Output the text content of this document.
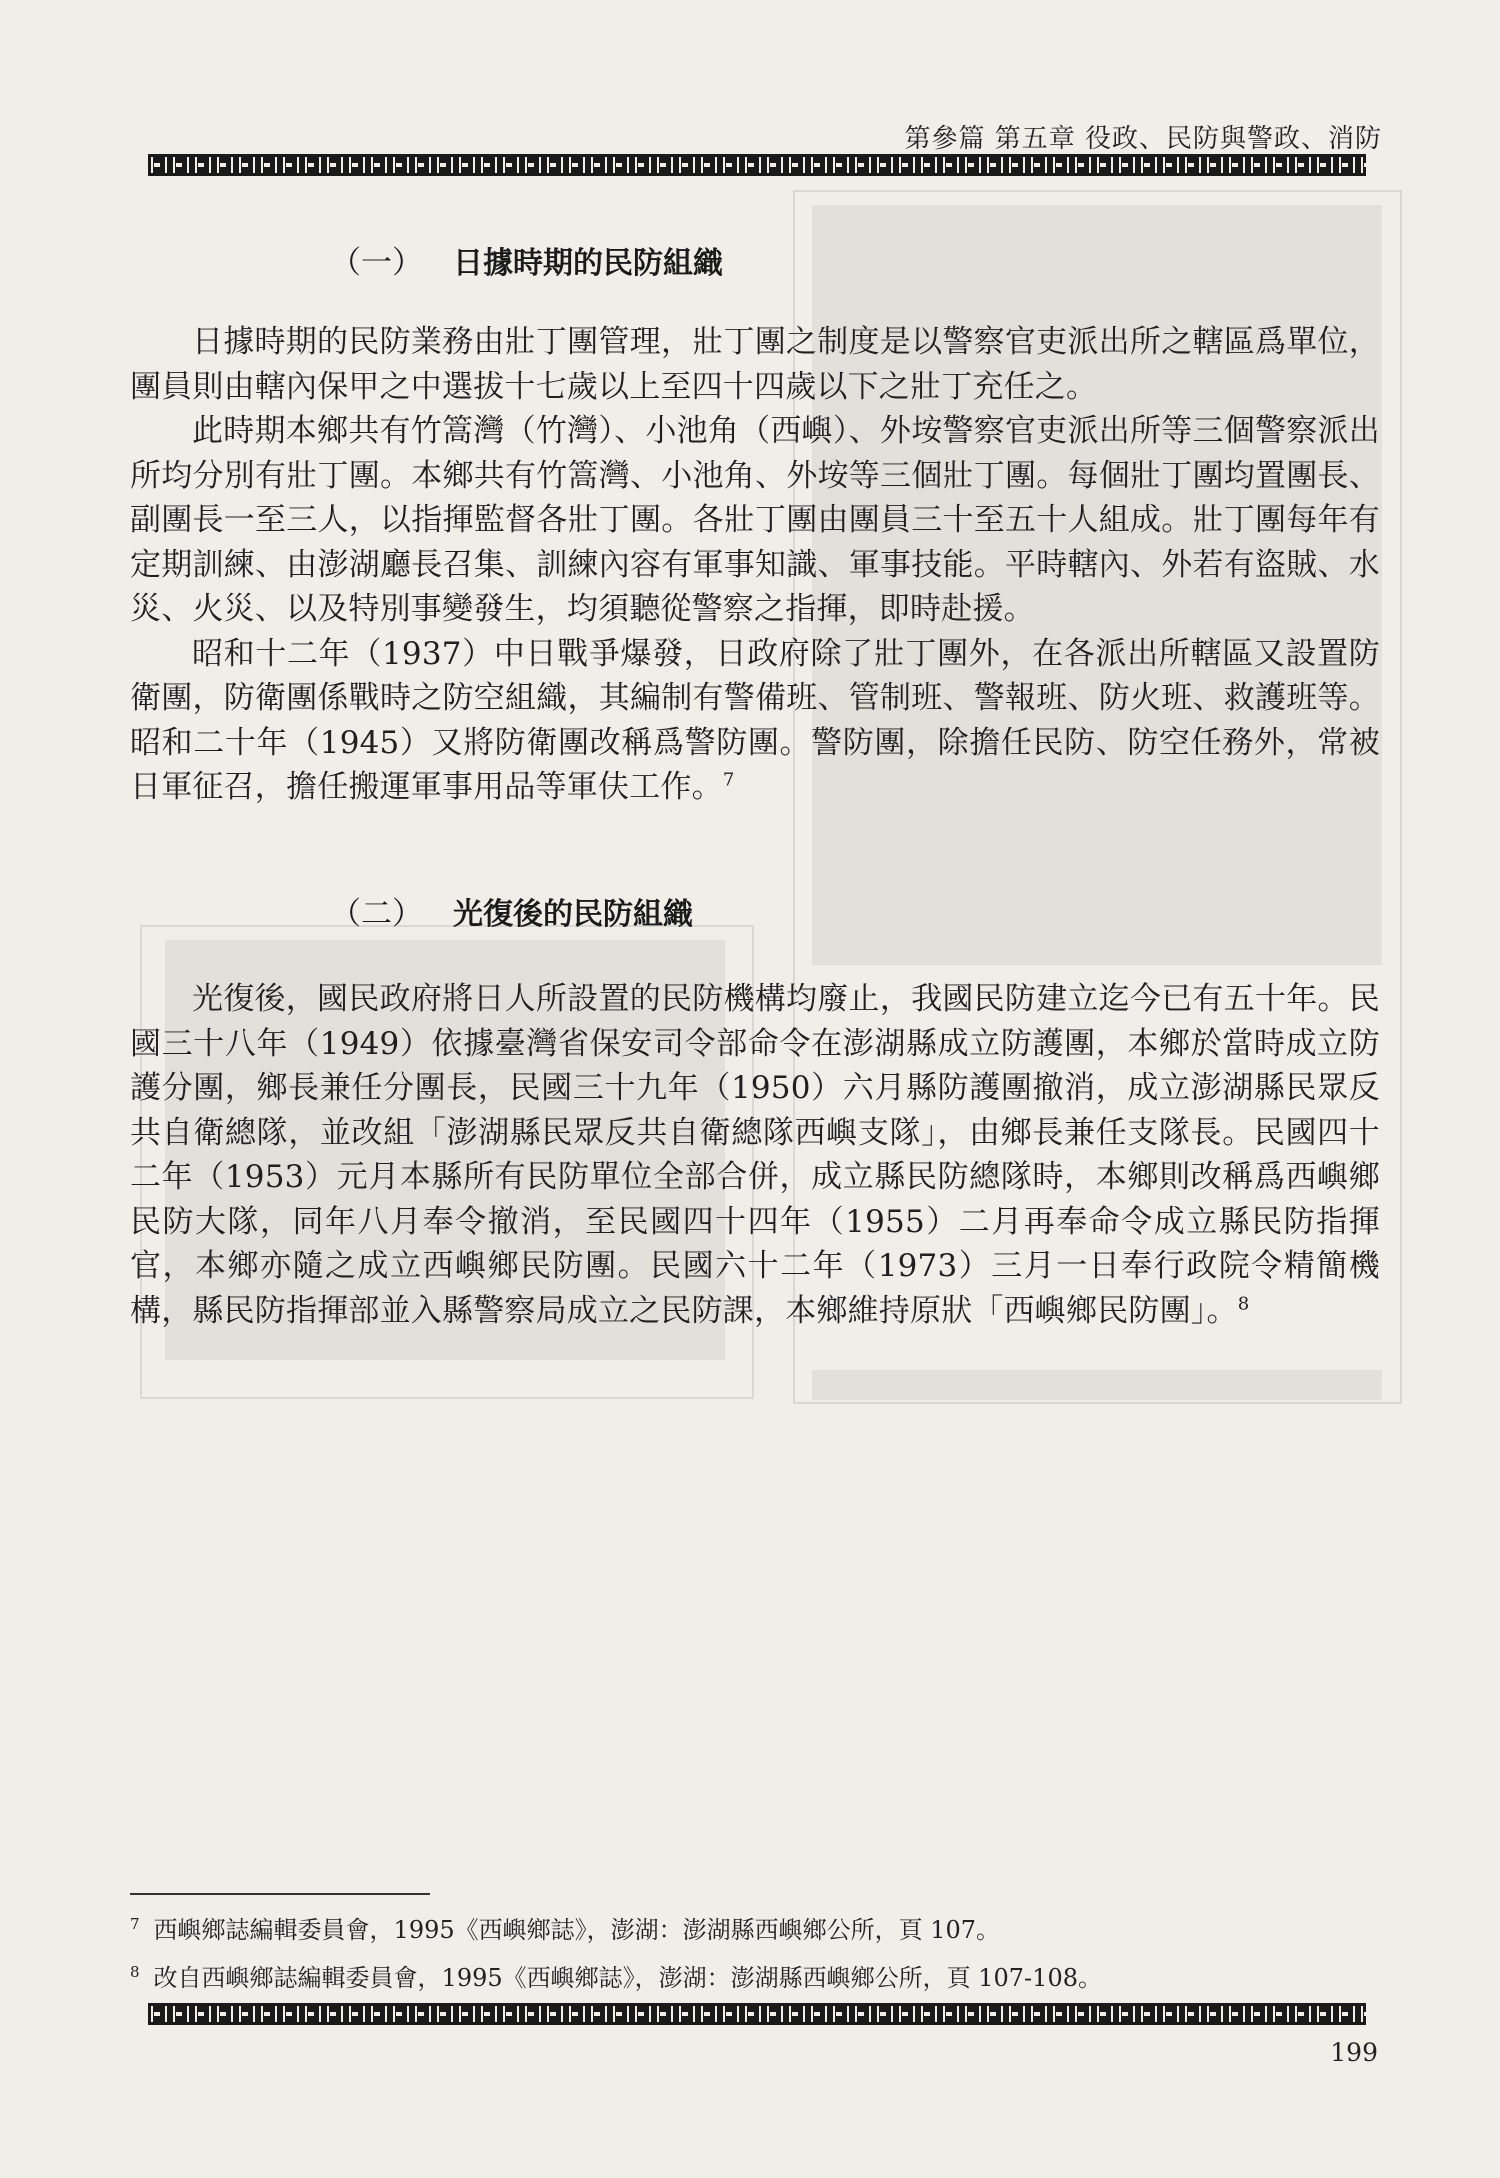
第參篇 第五章 役政、民防與警政、消防
（一） 日據時期的民防組織

日據時期的民防業務由壯丁團管理，壯丁團之制度是以警察官吏派出所之轄區爲單位，團員則由轄內保甲之中選拔十七歲以上至四十四歲以下之壯丁充任之。

此時期本鄉共有竹篙灣（竹灣）、小池角（西嶼）、外垵警察官吏派出所等三個警察派出所均分別有壯丁團。本鄉共有竹篙灣、小池角、外垵等三個壯丁團。每個壯丁團均置團長、副團長一至三人，以指揮監督各壯丁團。各壯丁團由團員三十至五十人組成。壯丁團每年有定期訓練、由澎湖廳長召集、訓練內容有軍事知識、軍事技能。平時轄內、外若有盜賊、水災、火災、以及特別事變發生，均須聽從警察之指揮，即時赴援。

昭和十二年（1937）中日戰爭爆發，日政府除了壯丁團外，在各派出所轄區又設置防衛團，防衛團係戰時之防空組織，其編制有警備班、管制班、警報班、防火班、救護班等。昭和二十年（1945）又將防衛團改稱爲警防團。警防團，除擔任民防、防空任務外，常被日軍征召，擔任搬運軍事用品等軍伕工作。$^7$

（二） 光復後的民防組織

光復後，國民政府將日人所設置的民防機構均廢止，我國民防建立迄今已有五十年。民國三十八年（1949）依據臺灣省保安司令部命令在澎湖縣成立防護團，本鄉於當時成立防護分團，鄉長兼任分團長，民國三十九年（1950）六月縣防護團撤消，成立澎湖縣民眾反共自衛總隊，並改組「澎湖縣民眾反共自衛總隊西嶼支隊」，由鄉長兼任支隊長。民國四十二年（1953）元月本縣所有民防單位全部合併，成立縣民防總隊時，本鄉則改稱爲西嶼鄉民防大隊，同年八月奉令撤消，至民國四十四年（1955）二月再奉命令成立縣民防指揮官，本鄉亦隨之成立西嶼鄉民防團。民國六十二年（1973）三月一日奉行政院令精簡機構，縣民防指揮部並入縣警察局成立之民防課，本鄉維持原狀「西嶼鄉民防團」。$^8$

$^7$ 西嶼鄉誌編輯委員會，1995《西嶼鄉誌》，澎湖：澎湖縣西嶼鄉公所，頁 107。
$^8$ 改自西嶼鄉誌編輯委員會，1995《西嶼鄉誌》，澎湖：澎湖縣西嶼鄉公所，頁 107-108。
199
